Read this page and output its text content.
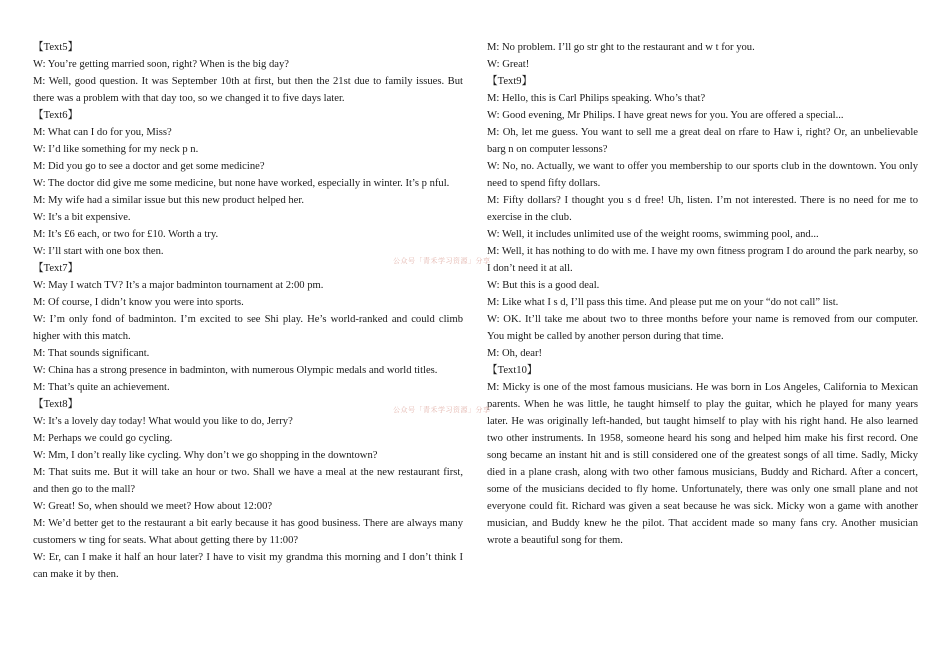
【Text5】
W: You’re getting married soon, right? When is the big day?
M: Well, good question. It was September 10th at first, but then the 21st due to family issues. But there was a problem with that day too, so we changed it to five days later.
【Text6】
M: What can I do for you, Miss?
W: I’d like something for my neck p n.
M: Did you go to see a doctor and get some medicine?
W: The doctor did give me some medicine, but none have worked, especially in winter. It’s p nful.
M: My wife had a similar issue but this new product helped her.
W: It’s a bit expensive.
M: It’s £6 each, or two for £10. Worth a try.
W: I’ll start with one box then.
【Text7】
W: May I watch TV? It’s a major badminton tournament at 2:00 pm.
M: Of course, I didn’t know you were into sports.
W: I’m only fond of badminton. I’m excited to see Shi play. He’s world-ranked and could climb higher with this match.
M: That sounds significant.
W: China has a strong presence in badminton, with numerous Olympic medals and world titles.
M: That’s quite an achievement.
【Text8】
W: It’s a lovely day today! What would you like to do, Jerry?
M: Perhaps we could go cycling.
W: Mm, I don’t really like cycling. Why don’t we go shopping in the downtown?
M: That suits me. But it will take an hour or two. Shall we have a meal at the new restaurant first, and then go to the mall?
W: Great! So, when should we meet? How about 12:00?
M: We’d better get to the restaurant a bit early because it has good business. There are always many customers w ting for seats. What about getting there by 11:00?
W: Er, can I make it half an hour later? I have to visit my grandma this morning and I don’t think I can make it by then.
M: No problem. I’ll go str ght to the restaurant and w t for you.
W: Great!
【Text9】
M: Hello, this is Carl Philips speaking. Who’s that?
W: Good evening, Mr Philips. I have great news for you. You are offered a special...
M: Oh, let me guess. You want to sell me a great deal on rfare to Haw i, right? Or, an unbelievable barg n on computer lessons?
W: No, no. Actually, we want to offer you membership to our sports club in the downtown. You only need to spend fifty dollars.
M: Fifty dollars? I thought you s d free! Uh, listen. I’m not interested. There is no need for me to exercise in the club.
W: Well, it includes unlimited use of the weight rooms, swimming pool, and...
M: Well, it has nothing to do with me. I have my own fitness program I do around the park nearby, so I don’t need it at all.
W: But this is a good deal.
M: Like what I s d, I’ll pass this time. And please put me on your “do not call” list.
W: OK. It’ll take me about two to three months before your name is removed from our computer. You might be called by another person during that time.
M: Oh, dear!
【Text10】
M: Micky is one of the most famous musicians. He was born in Los Angeles, California to Mexican parents. When he was little, he taught himself to play the guitar, which he played for many years later. He was originally left-handed, but taught himself to play with his right hand. He also learned two other instruments. In 1958, someone heard his song and helped him make his first record. One song became an instant hit and is still considered one of the greatest songs of all time. Sadly, Micky died in a plane crash, along with two other famous musicians, Buddy and Richard. After a concert, some of the musicians decided to fly home. Unfortunately, there was only one small plane and not everyone could fit. Richard was given a seat because he was sick. Micky won a game with another musician, and Buddy knew he the pilot. That accident made so many fans cry. Another musician wrote a beautiful song for them.
公众号「青禾学习资源」分享
公众号「青禾学习资源」分享
